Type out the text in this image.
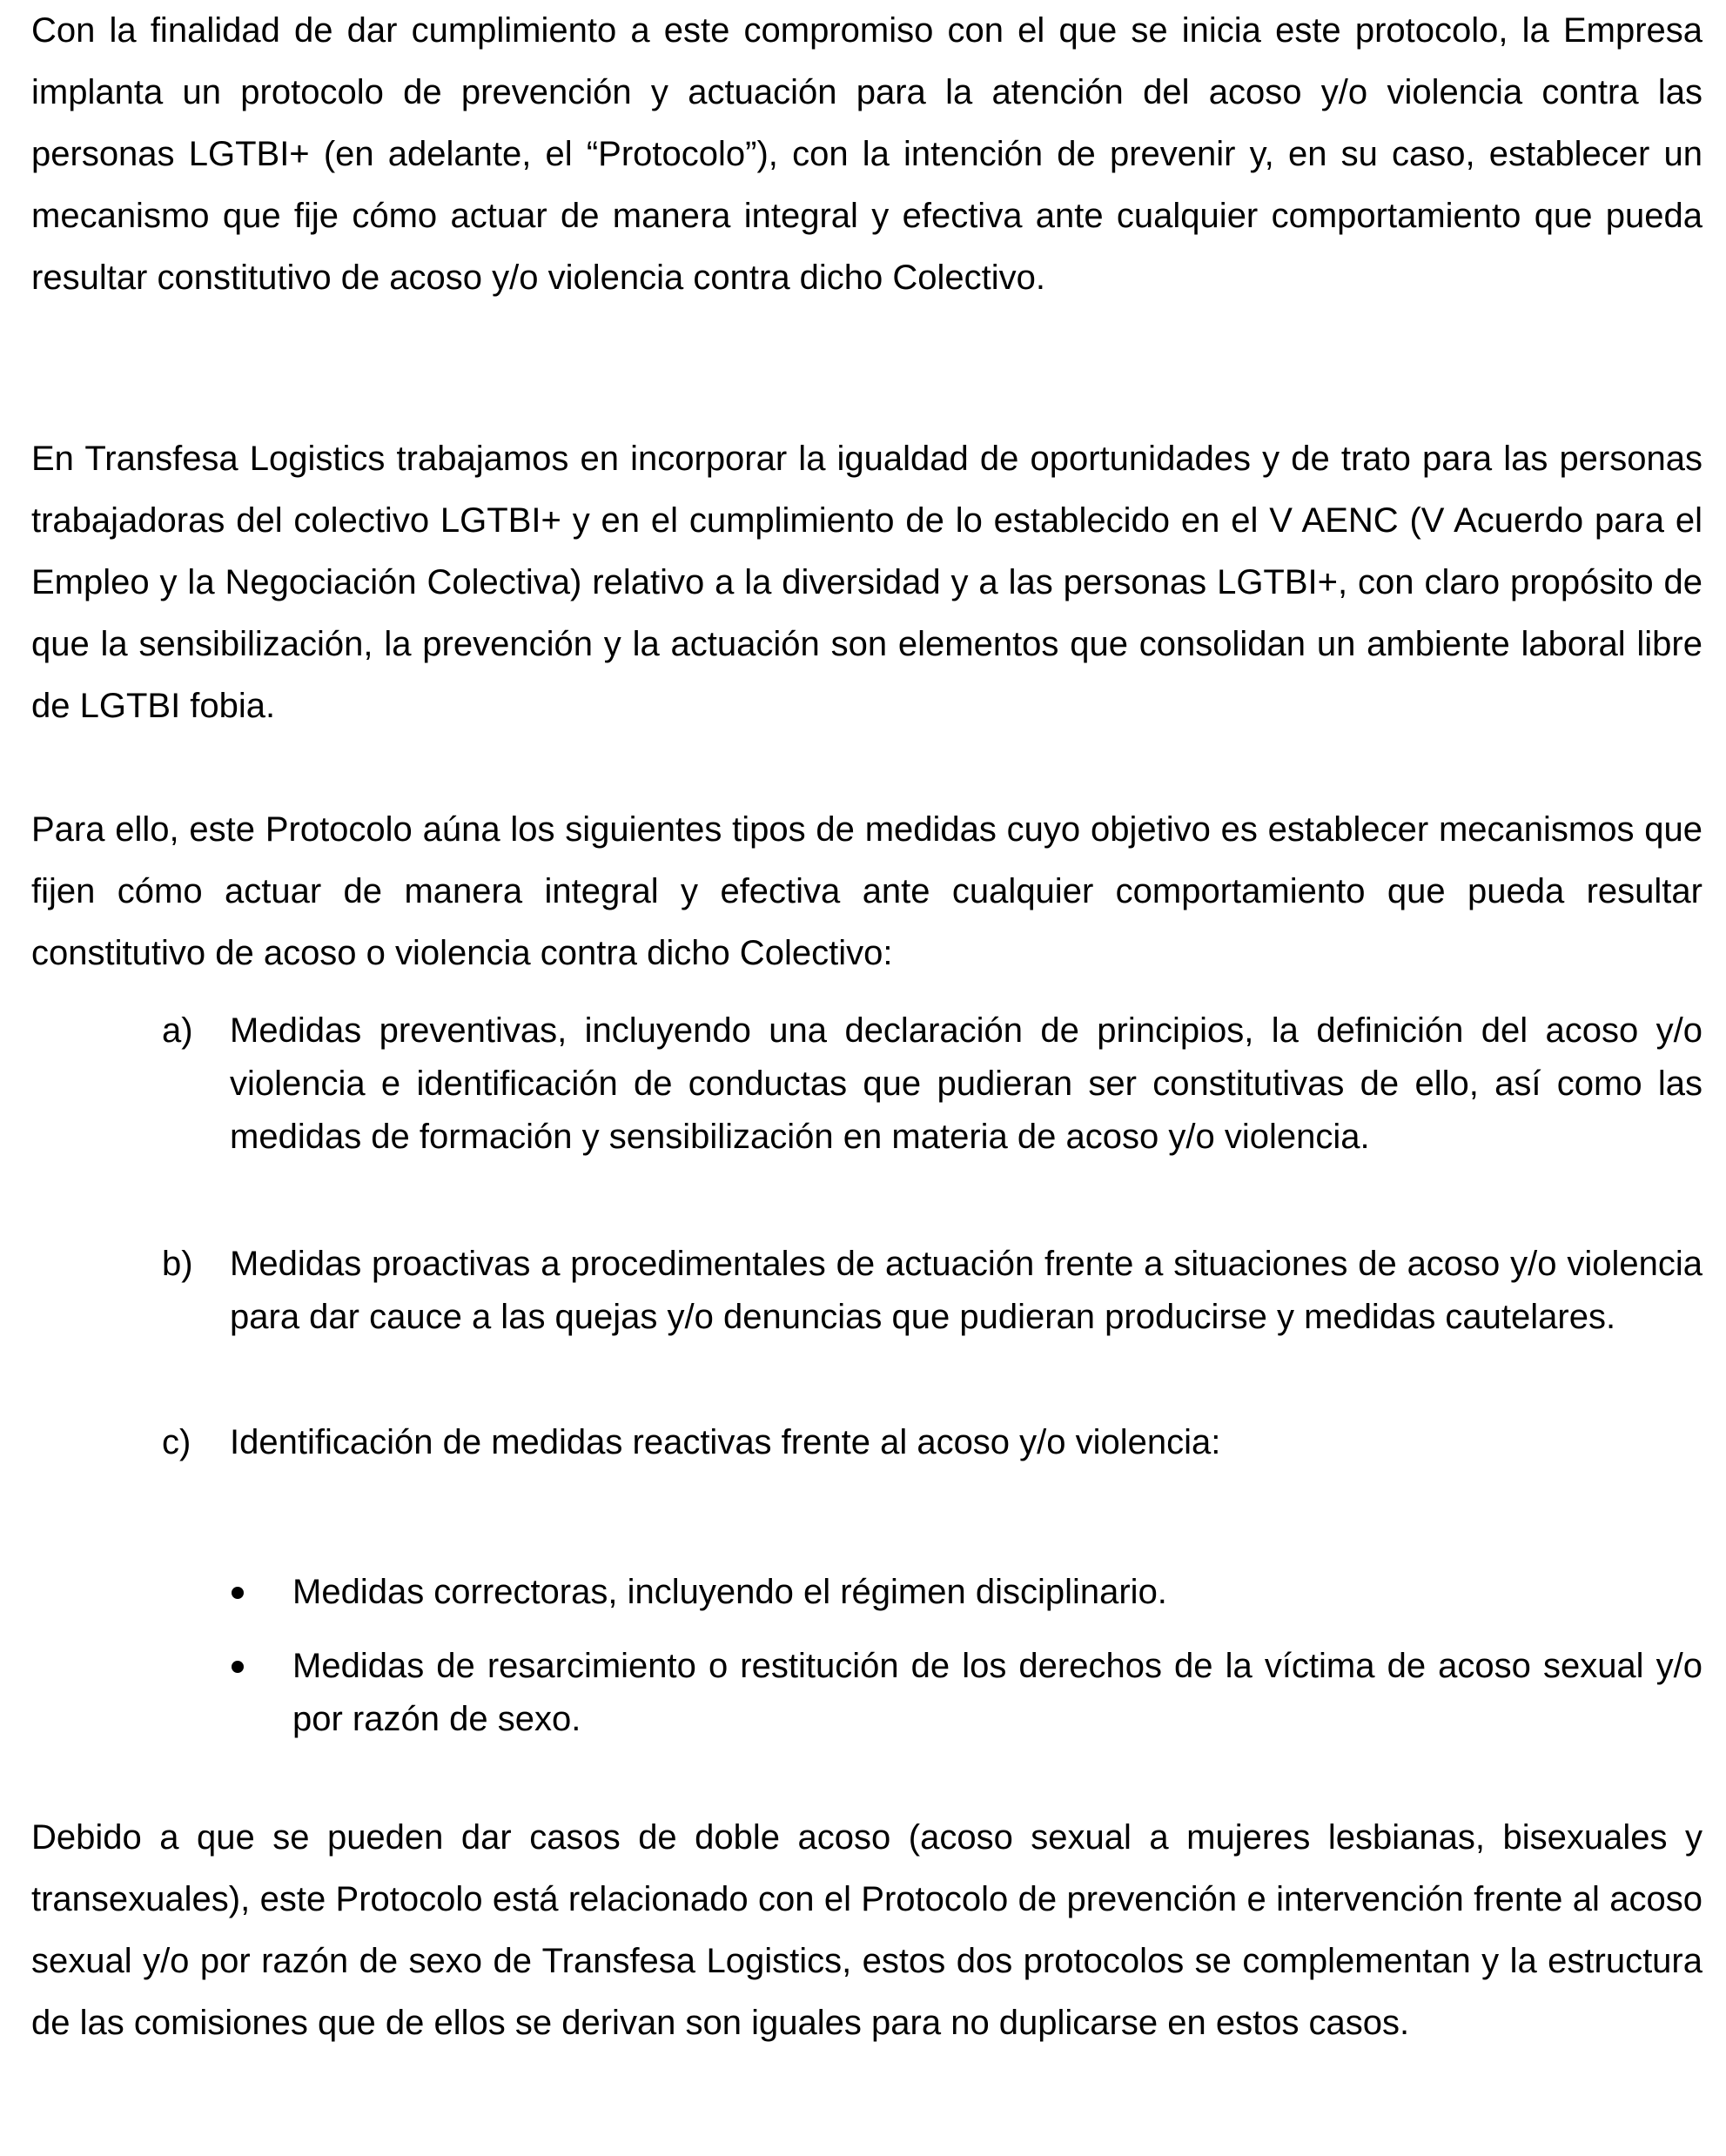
Con la finalidad de dar cumplimiento a este compromiso con el que se inicia este protocolo, la Empresa implanta un protocolo de prevención y actuación para la atención del acoso y/o violencia contra las personas LGTBI+ (en adelante, el “Protocolo”), con la intención de prevenir y, en su caso, establecer un mecanismo que fije cómo actuar de manera integral y efectiva ante cualquier comportamiento que pueda resultar constitutivo de acoso y/o violencia contra dicho Colectivo.

En Transfesa Logistics trabajamos en incorporar la igualdad de oportunidades y de trato para las personas trabajadoras del colectivo LGTBI+ y en el cumplimiento de lo establecido en el V AENC (V Acuerdo para el Empleo y la Negociación Colectiva) relativo a la diversidad y a las personas LGTBI+, con claro propósito de que la sensibilización, la prevención y la actuación son elementos que consolidan un ambiente laboral libre de LGTBI fobia.

Para ello, este Protocolo aúna los siguientes tipos de medidas cuyo objetivo es establecer mecanismos que fijen cómo actuar de manera integral y efectiva ante cualquier comportamiento que pueda resultar constitutivo de acoso o violencia contra dicho Colectivo:

a) Medidas preventivas, incluyendo una declaración de principios, la definición del acoso y/o violencia e identificación de conductas que pudieran ser constitutivas de ello, así como las medidas de formación y sensibilización en materia de acoso y/o violencia.
b) Medidas proactivas a procedimentales de actuación frente a situaciones de acoso y/o violencia para dar cauce a las quejas y/o denuncias que pudieran producirse y medidas cautelares.
c) Identificación de medidas reactivas frente al acoso y/o violencia:
Medidas correctoras, incluyendo el régimen disciplinario.
Medidas de resarcimiento o restitución de los derechos de la víctima de acoso sexual y/o por razón de sexo.

Debido a que se pueden dar casos de doble acoso (acoso sexual a mujeres lesbianas, bisexuales y transexuales), este Protocolo está relacionado con el Protocolo de prevención e intervención frente al acoso sexual y/o por razón de sexo de Transfesa Logistics, estos dos protocolos se complementan y la estructura de las comisiones que de ellos se derivan son iguales para no duplicarse en estos casos.
